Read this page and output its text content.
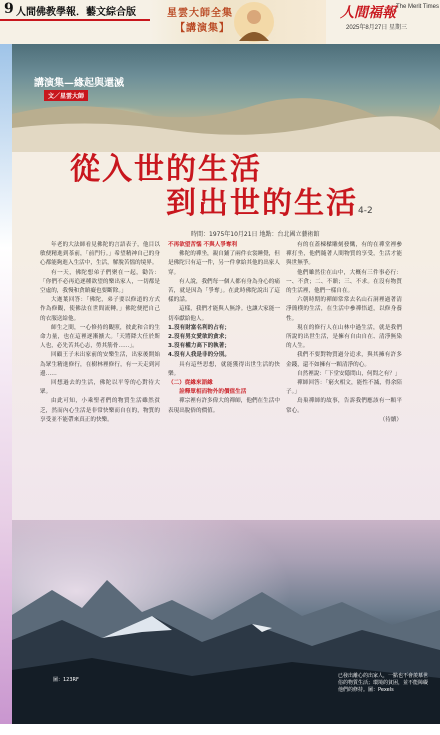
9 人間佛教學報．藝文綜合版	星雲大師全集
【講演集】
人間福報 The Merit Times
2025年8月27日 星期三
講演集—緣起與還滅
文／星雲大師
從入世的生活
到出世的生活 4-2
時間：1975年10月21日 地點：台北國立藝術館

年老的大法師看見佛陀的言語表子，他目以敏便精進到茶前，「前門行。」希望精神自己的身心都能夠進入生活中，生活，解脫苦惱的境界。

有一天，佛陀想弟子們聚在一起，勸告：「你們不必再追逐種欲望的樂出家人，一切都是空虛的，我慢和貪瞋癡也要斷除。」

大迦葉回答：「佛陀，弟子要以修道的方式作為修觀，使佛法在世間流轉。」佛陀便把自己的衣服送給他。

師生之間，一心修持的觀照，彼此和合的生命力量，也在這裡逐漸擴大。「天將降大任於斯人也，必先苦其心志，勞其筋骨……」。

回顧王子未出家前的安樂生活，出家後開始為眾生精進修行，在樹林裡修行，有一天走到河邊……

回想過去的生活，佛陀以平等的心對待大眾。

由此可知，小乘聖者們的物質生活雖然貧乏，然而內心生活是非常快樂而自在的，物質的享受並不能帶來真正的快樂。

不再欲望苦惱 不與人爭奪利

佛陀的禪坐，親自鋪了兩件衣裳睡覺，但是佛陀只有這一件，另一件拿給其他的出家人穿。

有人說，我們每一個人都有身為身心的痛苦，就是因為「爭奪」。在此時佛陀說出了這樣的話。

這樣，我們才能與人無諍。也讓大家能一切奉獻給他人。

1.沒有財富名利的占有；

2.沒有男女愛欲的貪求；

3.沒有權力高下的執著；

4.沒有人我是非的分別。

具有這些思想，就能獲得出世生活的快樂。

（二）從緣來語緣
　　詮釋眾相而物外的價值生活

禪宗裡有許多偉大的禪師，他們在生活中表現出脫俗的價值。

有的在蓋棟樑雕刻發懺，有的在禪堂裡參禪打坐，他們隨著人間物質的享受，生活才能與世無爭。

他們雖然住在山中，大概有三件事必行：一、不貪；二、不瞋；三、不求。在沒有物質的生活裡，他們一樣自在。

六朝時期的禪師常常去名山石洞裡過著清淨簡樸的生活，在生活中參禪悟道，以修身養性。

現在的修行人在山林中過生活，就是我們所說的出世生活，是擁有自由自在、清淨無染的人生。

我們不要對物質過分追求，與其擁有許多金錢，還不如擁有一顆清淨的心。

自然裡說：「下堂安隱問山，何問之有？」

禪師回答：「窮火相文，能性不滅，得余陪子。」

鳥巢禪師的故事，告訴我們應該有一顆平常心。

（待續）

圖：123RF
已發出離心的出家人，一點也不會羨慕世俗的物質生活；環境的貧困，並不能障礙他們的修持。圖：Pexels
